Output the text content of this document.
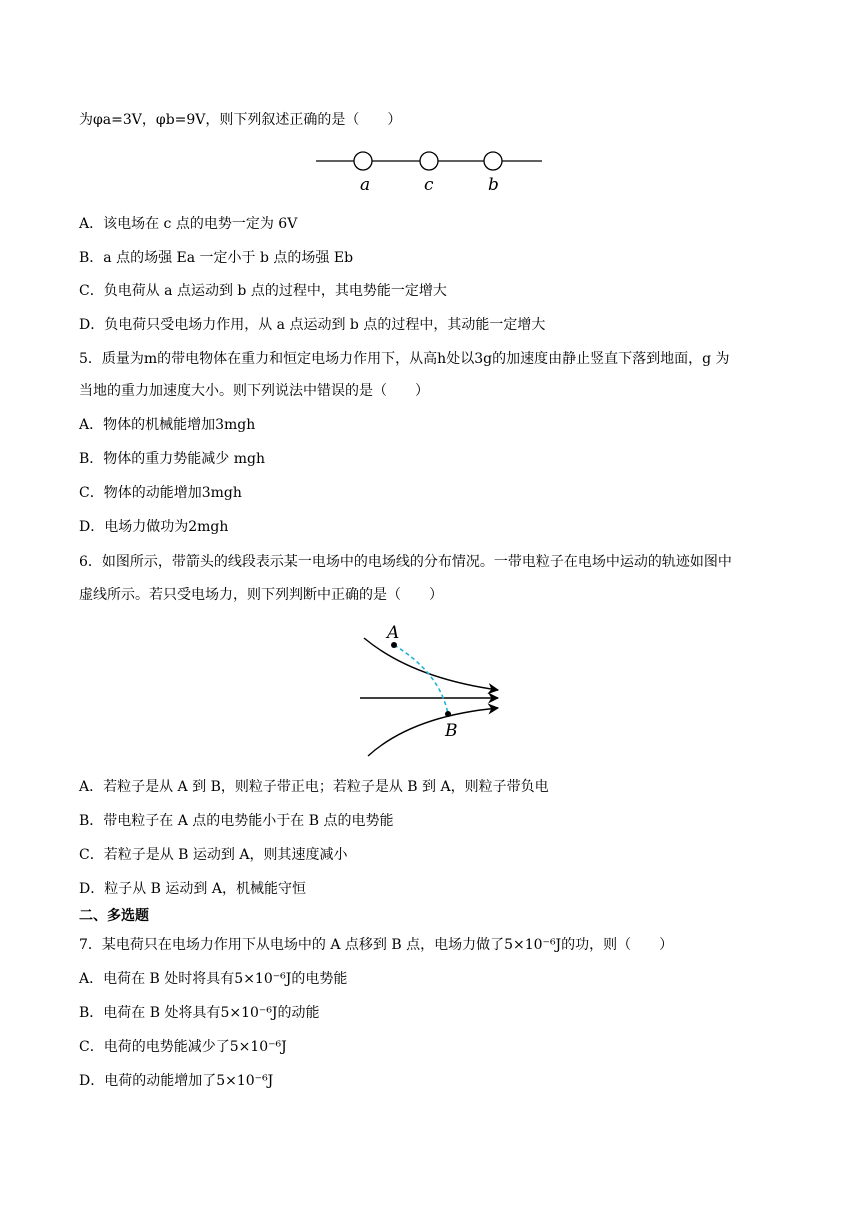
为φa=3V，φb=9V，则下列叙述正确的是（　　）
a	c	b
A．该电场在 c 点的电势一定为 6V
B．a 点的场强 Ea 一定小于 b 点的场强 Eb
C．负电荷从 a 点运动到 b 点的过程中，其电势能一定增大
D．负电荷只受电场力作用，从 a 点运动到 b 点的过程中，其动能一定增大
5．质量为m的带电物体在重力和恒定电场力作用下，从高h处以3g的加速度由静止竖直下落到地面，g 为
当地的重力加速度大小。则下列说法中错误的是（　　）
A．物体的机械能增加3mgh
B．物体的重力势能减少 mgh
C．物体的动能增加3mgh
D．电场力做功为2mgh
6．如图所示，带箭头的线段表示某一电场中的电场线的分布情况。一带电粒子在电场中运动的轨迹如图中
虚线所示。若只受电场力，则下列判断中正确的是（　　）
A
B
A．若粒子是从 A 到 B，则粒子带正电；若粒子是从 B 到 A，则粒子带负电
B．带电粒子在 A 点的电势能小于在 B 点的电势能
C．若粒子是从 B 运动到 A，则其速度减小
D．粒子从 B 运动到 A，机械能守恒
二、多选题
7．某电荷只在电场力作用下从电场中的 A 点移到 B 点，电场力做了5×10⁻⁶J的功，则（　　）
A．电荷在 B 处时将具有5×10⁻⁶J的电势能
B．电荷在 B 处将具有5×10⁻⁶J的动能
C．电荷的电势能减少了5×10⁻⁶J
D．电荷的动能增加了5×10⁻⁶J
